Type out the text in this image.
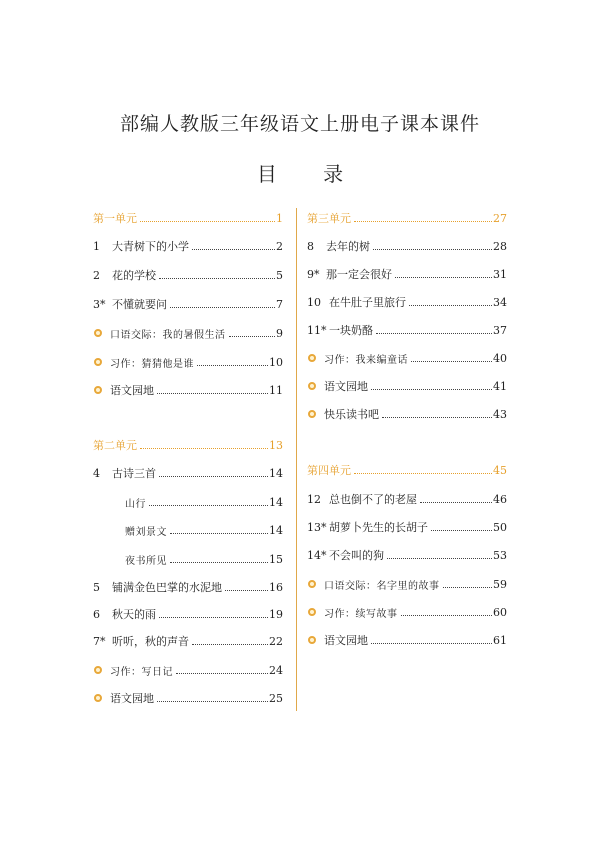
部编人教版三年级语文上册电子课本课件
目 录
第一单元	1
1	大青树下的小学	2
2	花的学校	5
3* 不懂就要问	7
口语交际：我的暑假生活	9
习作：猜猜他是谁	10
语文园地	11
第二单元	13
4	古诗三首	14
山行	14
赠刘景文	14
夜书所见	15
5	铺满金色巴掌的水泥地	16
6	秋天的雨	19
7* 听听，秋的声音	22
习作：写日记	24
语文园地	25
第三单元	27
8	去年的树	28
9* 那一定会很好	31
10 在牛肚子里旅行	34
11* 一块奶酪	37
习作：我来编童话	40
语文园地	41
快乐读书吧	43
第四单元	45
12 总也倒不了的老屋	46
13* 胡萝卜先生的长胡子	50
14* 不会叫的狗	53
口语交际：名字里的故事	59
习作：续写故事	60
语文园地	61
